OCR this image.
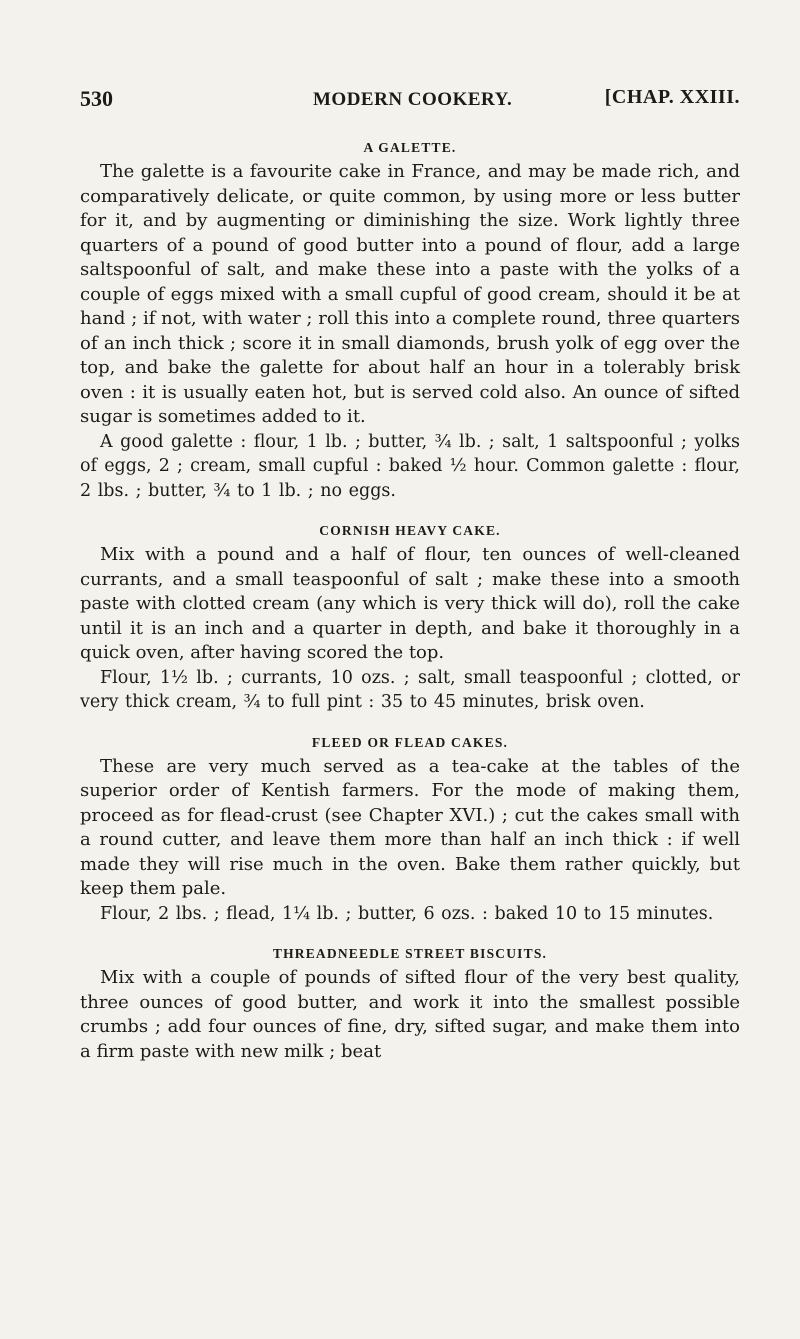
530	MODERN COOKERY.	[CHAP. XXIII.
A GALETTE.

The galette is a favourite cake in France, and may be made rich, and comparatively delicate, or quite common, by using more or less butter for it, and by augmenting or diminishing the size. Work lightly three quarters of a pound of good butter into a pound of flour, add a large saltspoonful of salt, and make these into a paste with the yolks of a couple of eggs mixed with a small cupful of good cream, should it be at hand ; if not, with water ; roll this into a complete round, three quarters of an inch thick ; score it in small diamonds, brush yolk of egg over the top, and bake the galette for about half an hour in a tolerably brisk oven : it is usually eaten hot, but is served cold also. An ounce of sifted sugar is sometimes added to it.

A good galette : flour, 1 lb. ; butter, ¾ lb. ; salt, 1 saltspoonful ; yolks of eggs, 2 ; cream, small cupful : baked ½ hour. Common galette : flour, 2 lbs. ; butter, ¾ to 1 lb. ; no eggs.

CORNISH HEAVY CAKE.

Mix with a pound and a half of flour, ten ounces of well-cleaned currants, and a small teaspoonful of salt ; make these into a smooth paste with clotted cream (any which is very thick will do), roll the cake until it is an inch and a quarter in depth, and bake it thoroughly in a quick oven, after having scored the top.

Flour, 1½ lb. ; currants, 10 ozs. ; salt, small teaspoonful ; clotted, or very thick cream, ¾ to full pint : 35 to 45 minutes, brisk oven.

FLEED OR FLEAD CAKES.

These are very much served as a tea-cake at the tables of the superior order of Kentish farmers. For the mode of making them, proceed as for flead-crust (see Chapter XVI.) ; cut the cakes small with a round cutter, and leave them more than half an inch thick : if well made they will rise much in the oven. Bake them rather quickly, but keep them pale.

Flour, 2 lbs. ; flead, 1¼ lb. ; butter, 6 ozs. : baked 10 to 15 minutes.

THREADNEEDLE STREET BISCUITS.

Mix with a couple of pounds of sifted flour of the very best quality, three ounces of good butter, and work it into the smallest possible crumbs ; add four ounces of fine, dry, sifted sugar, and make them into a firm paste with new milk ; beat
